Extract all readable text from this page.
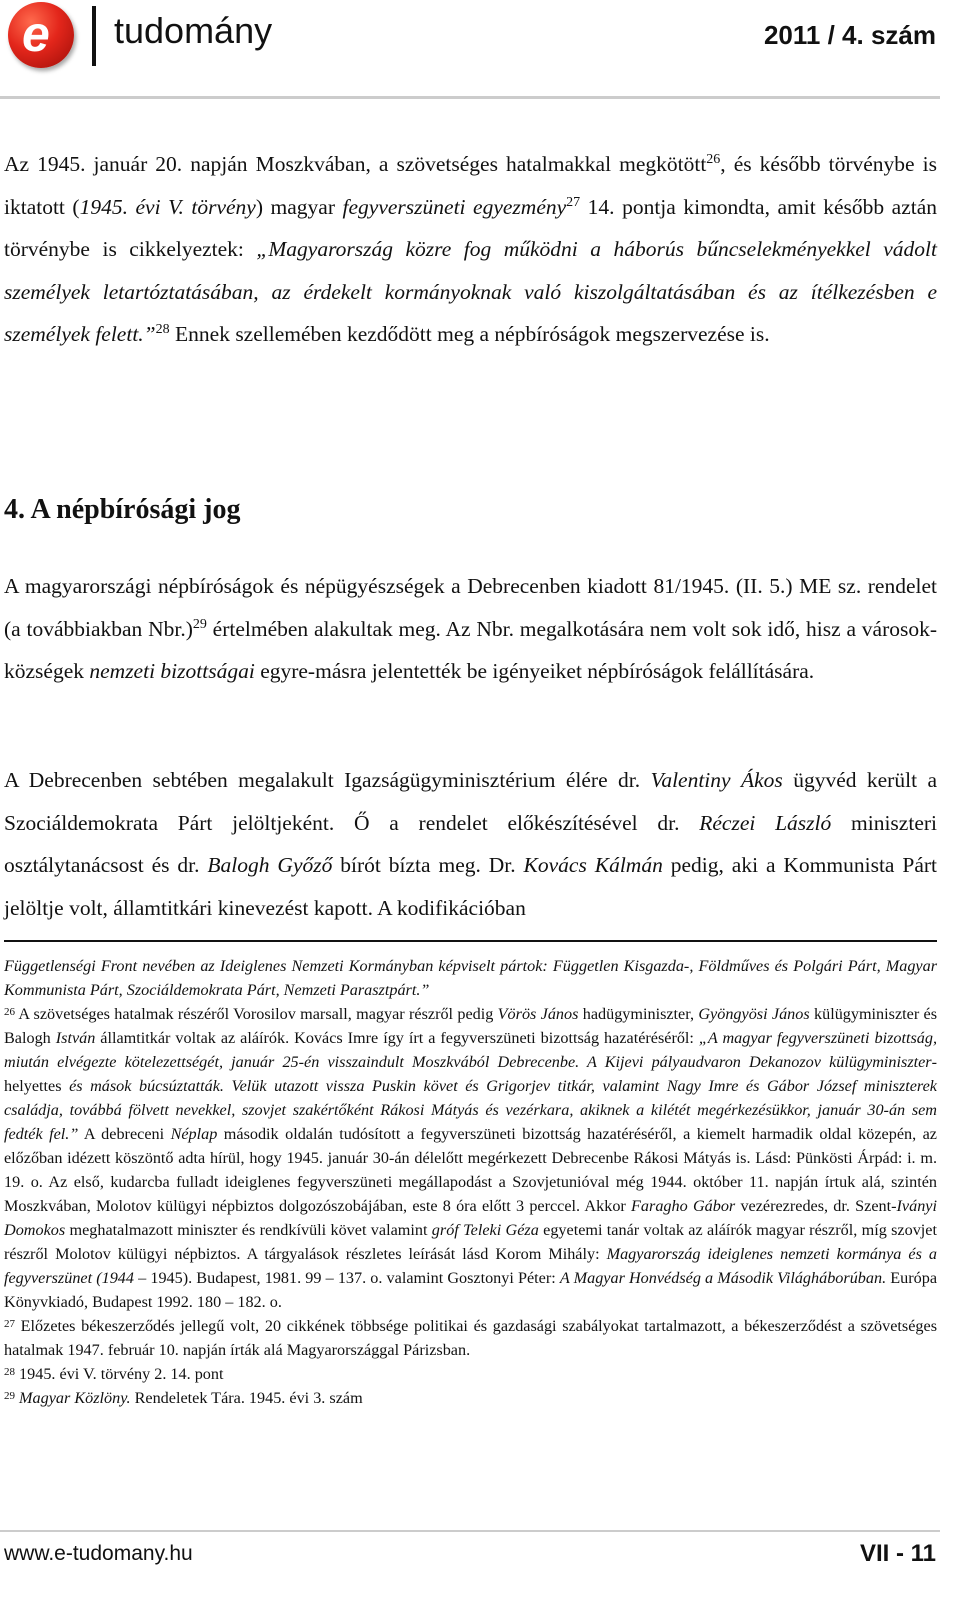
e tudomány	2011 / 4. szám
Az 1945. január 20. napján Moszkvában, a szövetséges hatalmakkal megkötött$^{26}$, és később törvénybe is iktatott (1945. évi V. törvény) magyar fegyverszüneti egyezmény$^{27}$ 14. pontja kimondta, amit később aztán törvénybe is cikkelyeztek: „Magyarország közre fog működni a háborús bűncselekményekkel vádolt személyek letartóztatásában, az érdekelt kormányoknak való kiszolgáltatásában és az ítélkezésben e személyek felett.”$^{28}$ Ennek szellemében kezdődött meg a népbíróságok megszervezése is.
4. A népbírósági jog
A magyarországi népbíróságok és népügyészségek a Debrecenben kiadott 81/1945. (II. 5.) ME sz. rendelet (a továbbiakban Nbr.)$^{29}$ értelmében alakultak meg. Az Nbr. megalkotására nem volt sok idő, hisz a városok-községek nemzeti bizottságai egyre-másra jelentették be igényeiket népbíróságok felállítására.
A Debrecenben sebtében megalakult Igazságügyminisztérium élére dr. Valentiny Ákos ügyvéd került a Szociáldemokrata Párt jelöltjeként. Ő a rendelet előkészítésével dr. Réczei László miniszteri osztálytanácsost és dr. Balogh Győző bírót bízta meg. Dr. Kovács Kálmán pedig, aki a Kommunista Párt jelöltje volt, államtitkári kinevezést kapott. A kodifikációban
Függetlenségi Front nevében az Ideiglenes Nemzeti Kormányban képviselt pártok: Független Kisgazda-, Földműves és Polgári Párt, Magyar Kommunista Párt, Szociáldemokrata Párt, Nemzeti Parasztpárt.”
$^{26}$ A szövetséges hatalmak részéről Vorosilov marsall, magyar részről pedig Vörös János hadügyminiszter, Gyöngyösi János külügyminiszter és Balogh István államtitkár voltak az aláírók. Kovács Imre így írt a fegyverszüneti bizottság hazatéréséről: „A magyar fegyverszüneti bizottság, miután elvégezte kötelezettségét, január 25-én visszaindult Moszkvából Debrecenbe. A Kijevi pályaudvaron Dekanozov külügyminiszter-helyettes és mások búcsúztatták. Velük utazott vissza Puskin követ és Grigorjev titkár, valamint Nagy Imre és Gábor József miniszterek családja, továbbá fölvett nevekkel, szovjet szakértőként Rákosi Mátyás és vezérkara, akiknek a kilétét megérkezésükkor, január 30-án sem fedték fel.” A debreceni Néplap második oldalán tudósított a fegyverszüneti bizottság hazatéréséről, a kiemelt harmadik oldal közepén, az előzőban idézett köszöntő adta hírül, hogy 1945. január 30-án délelőtt megérkezett Debrecenbe Rákosi Mátyás is. Lásd: Pünkösti Árpád: i. m. 19. o. Az első, kudarcba fulladt ideiglenes fegyverszüneti megállapodást a Szovjetunióval még 1944. október 11. napján írtuk alá, szintén Moszkvában, Molotov külügyi népbiztos dolgozószobájában, este 8 óra előtt 3 perccel. Akkor Faragho Gábor vezérezredes, dr. Szent-Iványi Domokos meghatalmazott miniszter és rendkívüli követ valamint gróf Teleki Géza egyetemi tanár voltak az aláírók magyar részről, míg szovjet részről Molotov külügyi népbiztos. A tárgyalások részletes leírását lásd Korom Mihály: Magyarország ideiglenes nemzeti kormánya és a fegyverszünet (1944 – 1945). Budapest, 1981. 99 – 137. o. valamint Gosztonyi Péter: A Magyar Honvédség a Második Világháborúban. Európa Könyvkiadó, Budapest 1992. 180 – 182. o.
$^{27}$ Előzetes békeszerződés jellegű volt, 20 cikkének többsége politikai és gazdasági szabályokat tartalmazott, a békeszerződést a szövetséges hatalmak 1947. február 10. napján írták alá Magyarországgal Párizsban.
$^{28}$ 1945. évi V. törvény 2. 14. pont
$^{29}$ Magyar Közlöny. Rendeletek Tára. 1945. évi 3. szám
www.e-tudomany.hu	VII - 11
